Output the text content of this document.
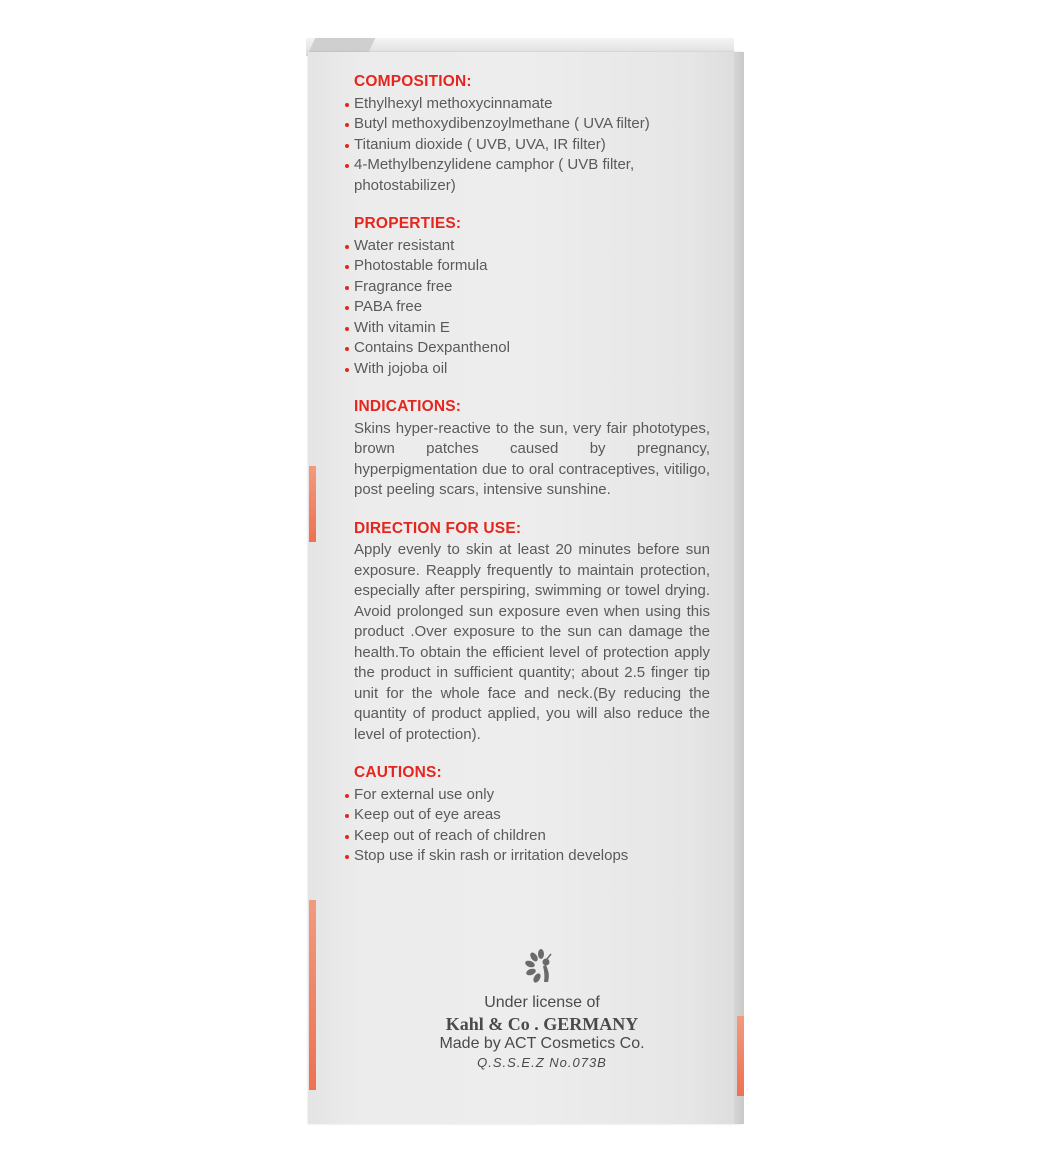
COMPOSITION:
Ethylhexyl methoxycinnamate
Butyl methoxydibenzoylmethane ( UVA filter)
Titanium dioxide ( UVB, UVA, IR filter)
4-Methylbenzylidene camphor ( UVB filter, photostabilizer)
PROPERTIES:
Water resistant
Photostable formula
Fragrance free
PABA free
With vitamin E
Contains Dexpanthenol
With jojoba oil
INDICATIONS:

Skins hyper-reactive to the sun, very fair phototypes, brown patches caused by pregnancy, hyperpigmentation due to oral contraceptives, vitiligo, post peeling scars, intensive sunshine.

DIRECTION FOR USE:

Apply evenly to skin at least 20 minutes before sun exposure. Reapply frequently to maintain protection, especially after perspiring, swimming or towel drying. Avoid prolonged sun exposure even when using this product .Over exposure to the sun can damage the health.To obtain the efficient level of protection apply the product in sufficient quantity; about 2.5 finger tip unit for the whole face and neck.(By reducing the quantity of product applied, you will also reduce the level of protection).

CAUTIONS:
For external use only
Keep out of eye areas
Keep out of reach of children
Stop use if skin rash or irritation develops
Under license of
Kahl & Co . GERMANY
Made by ACT Cosmetics Co.
Q.S.S.E.Z No.073B
